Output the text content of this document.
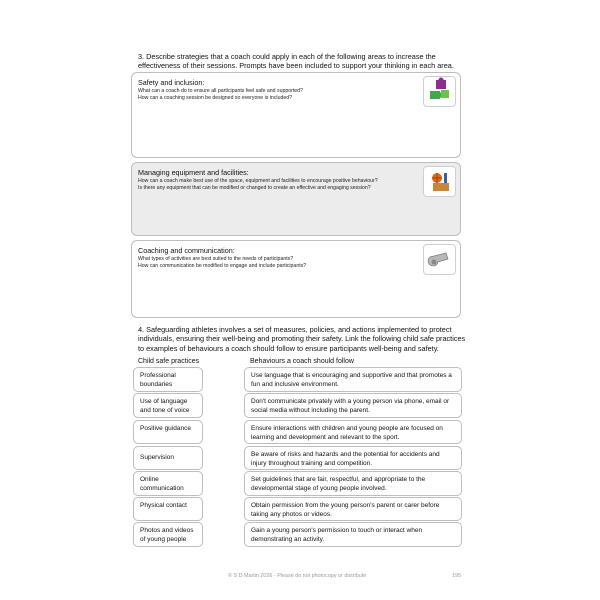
3. Describe strategies that a coach could apply in each of the following areas to increase the effectiveness of their sessions. Prompts have been included to support your thinking in each area.
Safety and inclusion:
What can a coach do to ensure all participants feel safe and supported?
How can a coaching session be designed so everyone is included?
Managing equipment and facilities:
How can a coach make best use of the space, equipment and facilities to encourage positive behaviour?
Is there any equipment that can be modified or changed to create an effective and engaging session?
Coaching and communication:
What types of activities are best suited to the needs of participants?
How can communication be modified to engage and include participants?
4. Safeguarding athletes involves a set of measures, policies, and actions implemented to protect individuals, ensuring their well-being and promoting their safety. Link the following child safe practices to examples of behaviours a coach should follow to ensure participants well-being and safety.
Child safe practices	Behaviours a coach should follow
Professional boundaries
Use of language and tone of voice
Positive guidance
Supervision
Online communication
Physical contact
Photos and videos of young people
Use language that is encouraging and supportive and that promotes a fun and inclusive environment.
Don't communicate privately with a young person via phone, email or social media without including the parent.
Ensure interactions with children and young people are focused on learning and development and relevant to the sport.
Be aware of risks and hazards and the potential for accidents and injury throughout training and competition.
Set guidelines that are fair, respectful, and appropriate to the developmental stage of young people involved.
Obtain permission from the young person's parent or carer before taking any photos or videos.
Gain a young person's permission to touch or interact when demonstrating an activity.
© S D Martin 2026 - Please do not photocopy or distribute	195
